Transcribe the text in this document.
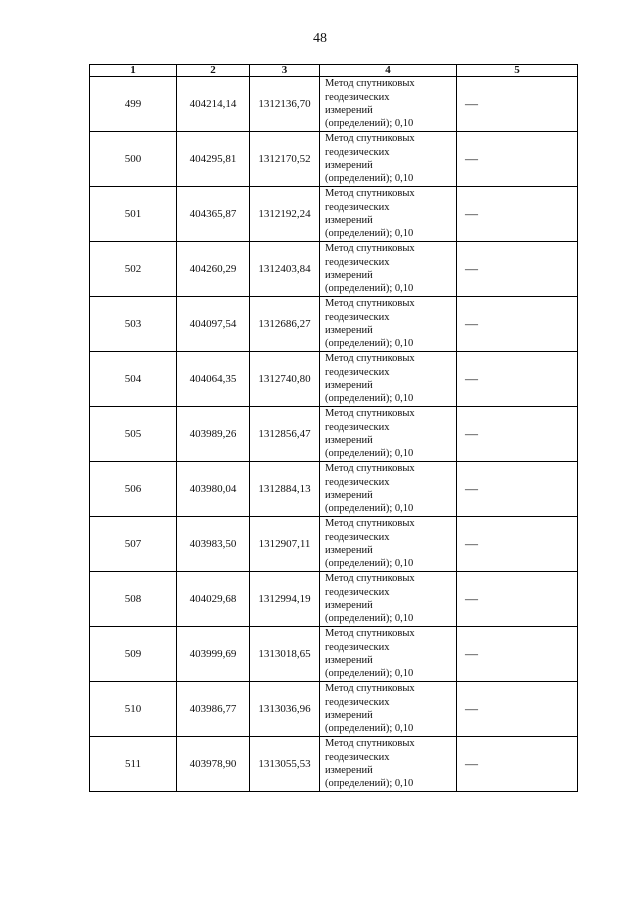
48
1	2	3	4	5
499	404214,14	1312136,70	Метод спутниковых
геодезических
измерений
(определений); 0,10	—
500	404295,81	1312170,52	Метод спутниковых
геодезических
измерений
(определений); 0,10	—
501	404365,87	1312192,24	Метод спутниковых
геодезических
измерений
(определений); 0,10	—
502	404260,29	1312403,84	Метод спутниковых
геодезических
измерений
(определений); 0,10	—
503	404097,54	1312686,27	Метод спутниковых
геодезических
измерений
(определений); 0,10	—
504	404064,35	1312740,80	Метод спутниковых
геодезических
измерений
(определений); 0,10	—
505	403989,26	1312856,47	Метод спутниковых
геодезических
измерений
(определений); 0,10	—
506	403980,04	1312884,13	Метод спутниковых
геодезических
измерений
(определений); 0,10	—
507	403983,50	1312907,11	Метод спутниковых
геодезических
измерений
(определений); 0,10	—
508	404029,68	1312994,19	Метод спутниковых
геодезических
измерений
(определений); 0,10	—
509	403999,69	1313018,65	Метод спутниковых
геодезических
измерений
(определений); 0,10	—
510	403986,77	1313036,96	Метод спутниковых
геодезических
измерений
(определений); 0,10	—
511	403978,90	1313055,53	Метод спутниковых
геодезических
измерений
(определений); 0,10	—
